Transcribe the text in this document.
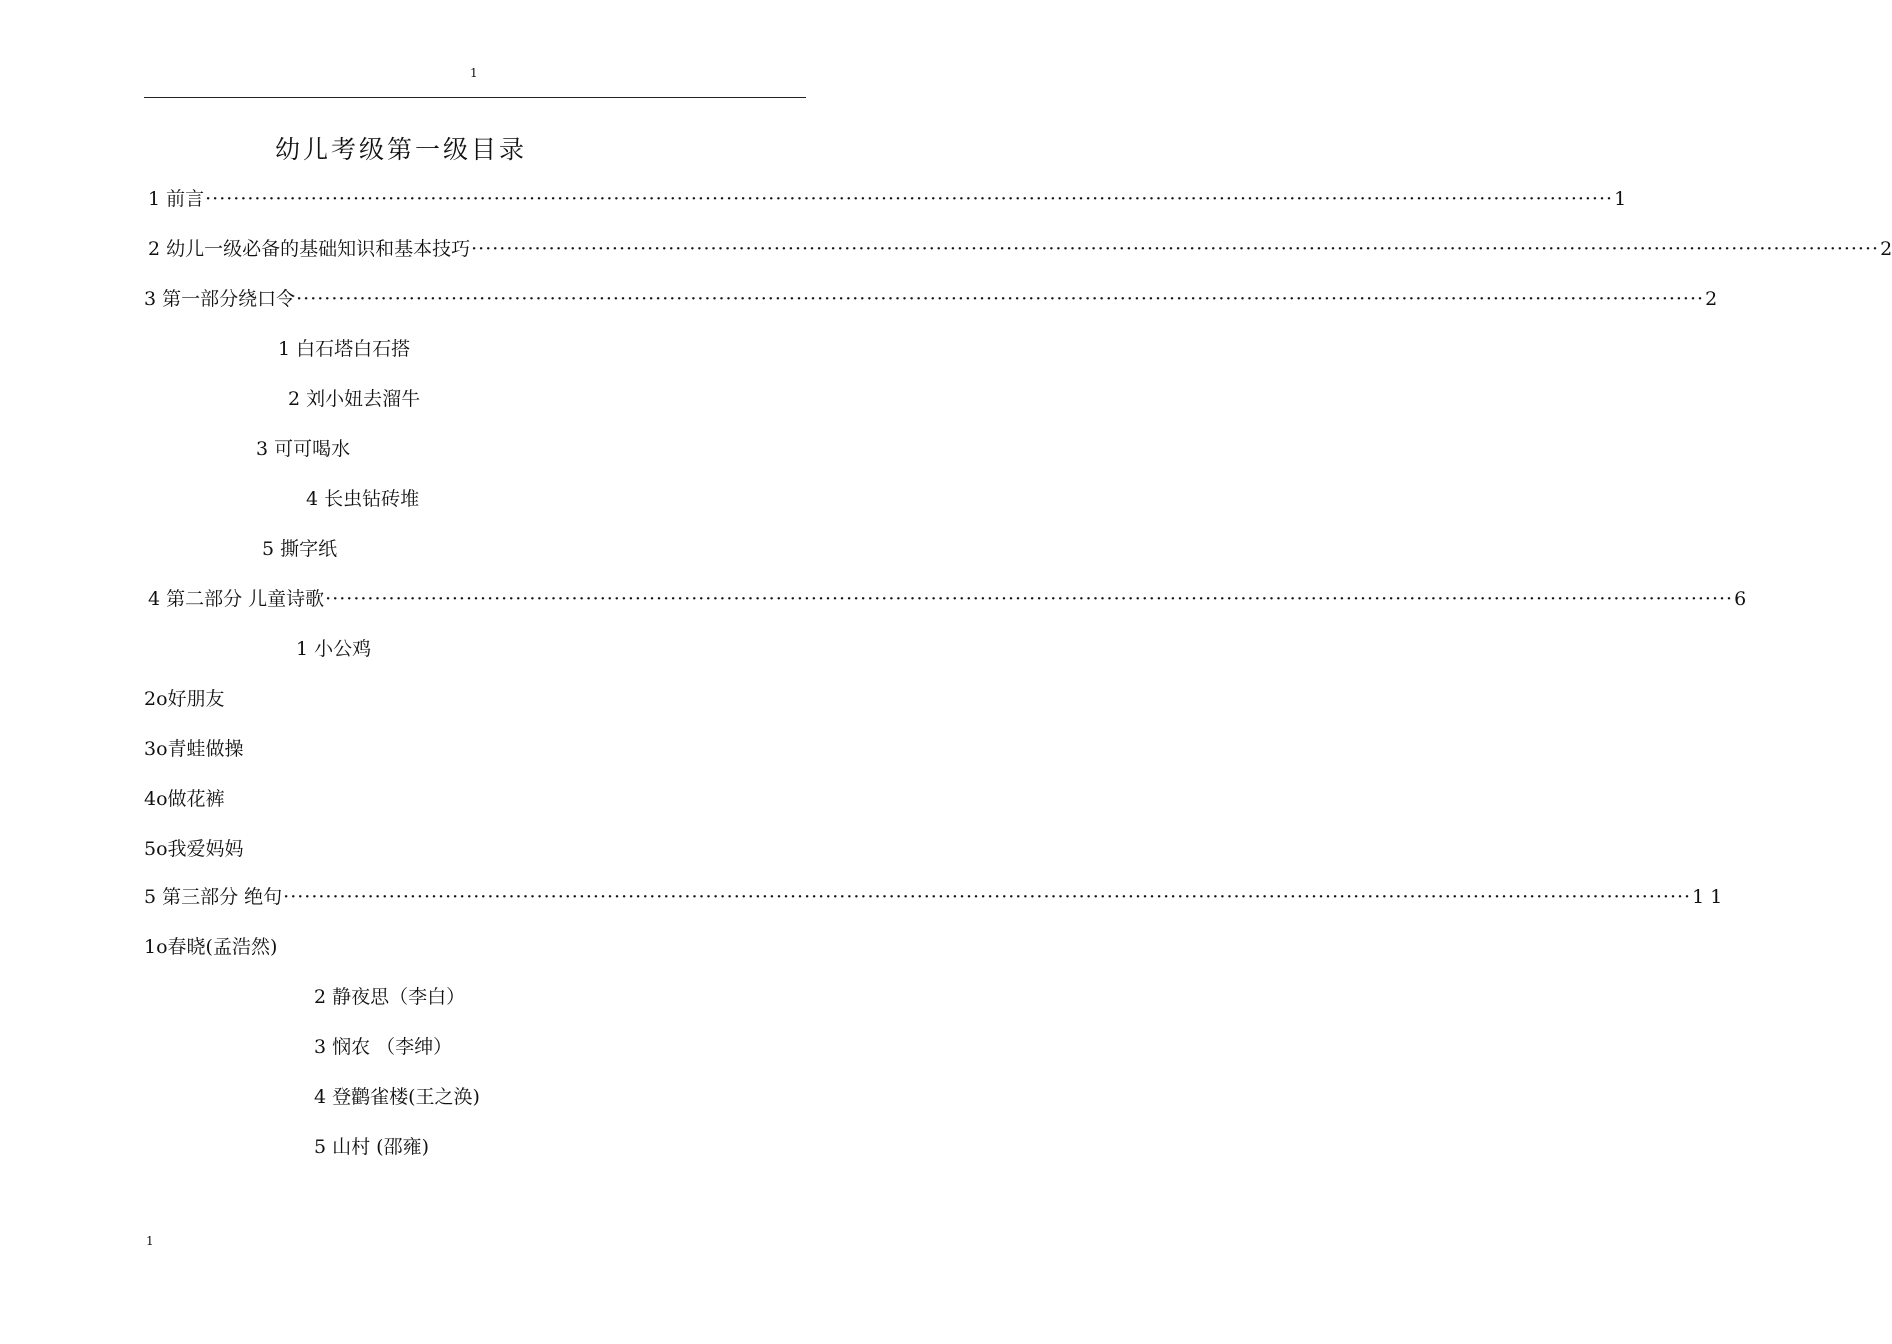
1
幼儿考级第一级目录
1 前言 ········································································································································································································ 1
2 幼儿一级必备的基础知识和基本技巧 ········································································································································································································ 2
3 第一部分绕口令 ········································································································································································································ 2
1 白石塔白石搭
2 刘小妞去溜牛
3 可可喝水
4 长虫钻砖堆
5 撕字纸
4 第二部分 儿童诗歌 ········································································································································································································ 6
1 小公鸡
2o好朋友
3o青蛙做操
4o做花裤
5o我爱妈妈
5 第三部分 绝句 ········································································································································································································ 1 1
1o春晓(孟浩然)
2 静夜思（李白）
3 悯农 （李绅）
4 登鹳雀楼(王之涣)
5 山村 (邵雍)
1
